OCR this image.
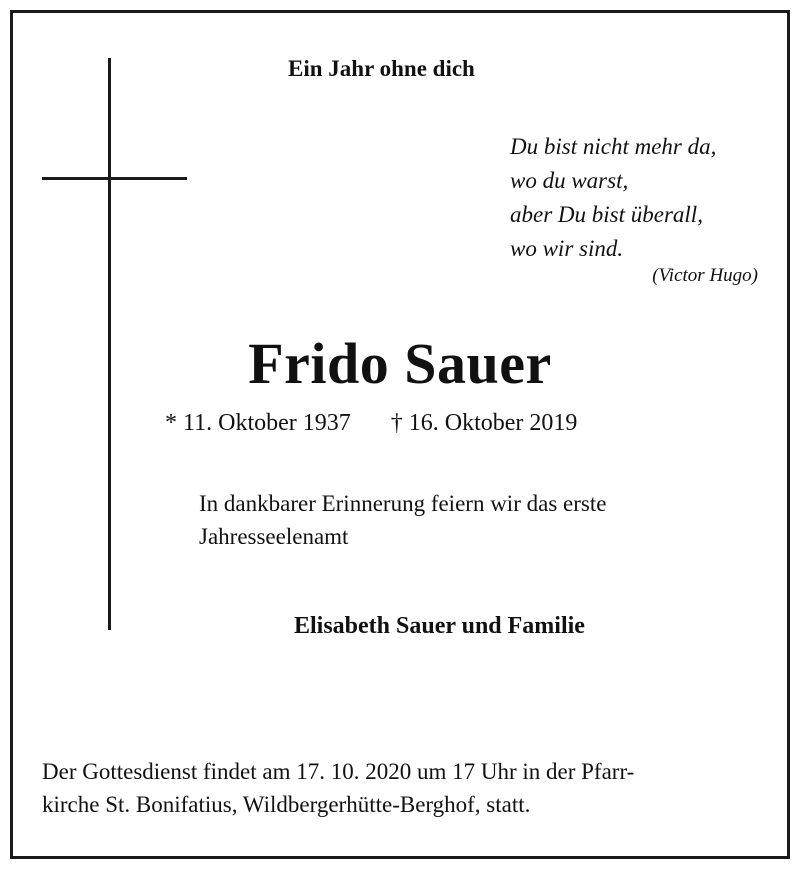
Ein Jahr ohne dich
Du bist nicht mehr da,
wo du warst,
aber Du bist überall,
wo wir sind.
(Victor Hugo)
Frido Sauer
* 11. Oktober 1937 † 16. Oktober 2019
In dankbarer Erinnerung feiern wir das erste
Jahresseelenamt
Elisabeth Sauer und Familie
Der Gottesdienst findet am 17. 10. 2020 um 17 Uhr in der Pfarr-
kirche St. Bonifatius, Wildbergerhütte-Berghof, statt.
